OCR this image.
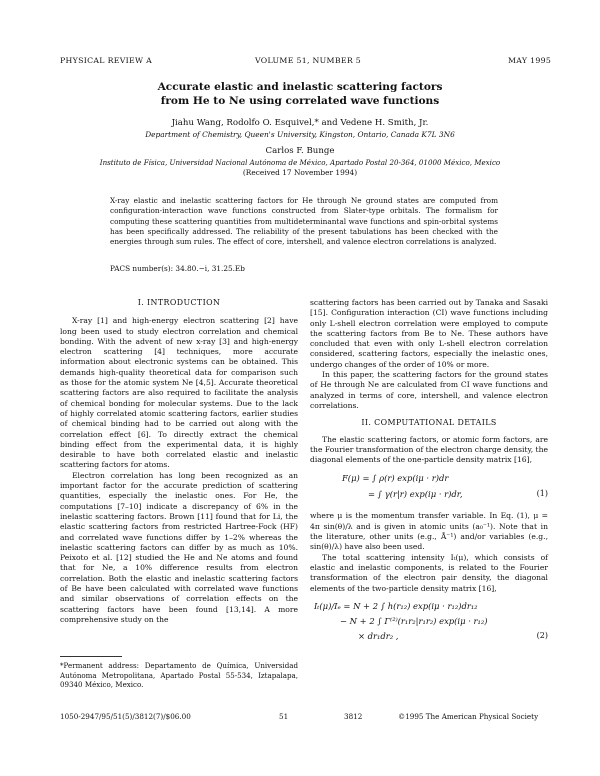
PHYSICAL REVIEW A	VOLUME 51, NUMBER 5	MAY 1995
Accurate elastic and inelastic scattering factors
from He to Ne using correlated wave functions
Jiahu Wang, Rodolfo O. Esquivel,* and Vedene H. Smith, Jr.
Department of Chemistry, Queen's University, Kingston, Ontario, Canada K7L 3N6
Carlos F. Bunge
Instituto de Física, Universidad Nacional Autónoma de México, Apartado Postal 20-364, 01000 México, Mexico
(Received 17 November 1994)
X-ray elastic and inelastic scattering factors for He through Ne ground states are computed from configuration-interaction wave functions constructed from Slater-type orbitals. The formalism for computing these scattering quantities from multideterminantal wave functions and spin-orbital systems has been specifically addressed. The reliability of the present tabulations has been checked with the energies through sum rules. The effect of core, intershell, and valence electron correlations is analyzed.
PACS number(s): 34.80.−i, 31.25.Eb
I. INTRODUCTION

X-ray [1] and high-energy electron scattering [2] have long been used to study electron correlation and chemical bonding. With the advent of new x-ray [3] and high-energy electron scattering [4] techniques, more accurate information about electronic systems can be obtained. This demands high-quality theoretical data for comparison such as those for the atomic system Ne [4,5]. Accurate theoretical scattering factors are also required to facilitate the analysis of chemical bonding for molecular systems. Due to the lack of highly correlated atomic scattering factors, earlier studies of chemical binding had to be carried out along with the correlation effect [6]. To directly extract the chemical binding effect from the experimental data, it is highly desirable to have both correlated elastic and inelastic scattering factors for atoms.

Electron correlation has long been recognized as an important factor for the accurate prediction of scattering quantities, especially the inelastic ones. For He, the computations [7–10] indicate a discrepancy of 6% in the inelastic scattering factors. Brown [11] found that for Li, the elastic scattering factors from restricted Hartree-Fock (HF) and correlated wave functions differ by 1–2% whereas the inelastic scattering factors can differ by as much as 10%. Peixoto et al. [12] studied the He and Ne atoms and found that for Ne, a 10% difference results from electron correlation. Both the elastic and inelastic scattering factors of Be have been calculated with correlated wave functions and similar observations of correlation effects on the scattering factors have been found [13,14]. A more comprehensive study on the

scattering factors has been carried out by Tanaka and Sasaki [15]. Configuration interaction (CI) wave functions including only L-shell electron correlation were employed to compute the scattering factors from Be to Ne. These authors have concluded that even with only L-shell electron correlation considered, scattering factors, especially the inelastic ones, undergo changes of the order of 10% or more.

In this paper, the scattering factors for the ground states of He through Ne are calculated from CI wave functions and analyzed in terms of core, intershell, and valence electron correlations.

II. COMPUTATIONAL DETAILS

The elastic scattering factors, or atomic form factors, are the Fourier transformation of the electron charge density, the diagonal elements of the one-particle density matrix [16],

F(μ) = ∫ ρ(r) exp(iμ · r)dr
= ∫ γ(r|r) exp(iμ · r)dr,	(1)

where μ is the momentum transfer variable. In Eq. (1), μ = 4π sin(θ)/λ and is given in atomic units (a₀⁻¹). Note that in the literature, other units (e.g., Å⁻¹) and/or variables (e.g., sin(θ)/λ) have also been used.

The total scattering intensity Iₜ(μ), which consists of elastic and inelastic components, is related to the Fourier transformation of the electron pair density, the diagonal elements of the two-particle density matrix [16],

Iₜ(μ)/Iₑ = N + 2 ∫ h(r₁₂) exp(iμ · r₁₂)dr₁₂
− N + 2 ∫ Γ⁽²⁾(r₁r₂|r₁r₂) exp(iμ · r₁₂)
× dr₁dr₂ ,	(2)
*Permanent address: Departamento de Química, Universidad Autónoma Metropolitana, Apartado Postal 55-534, Iztapalapa, 09340 México, Mexico.
1050-2947/95/51(5)/3812(7)/$06.00	51	3812	©1995 The American Physical Society
